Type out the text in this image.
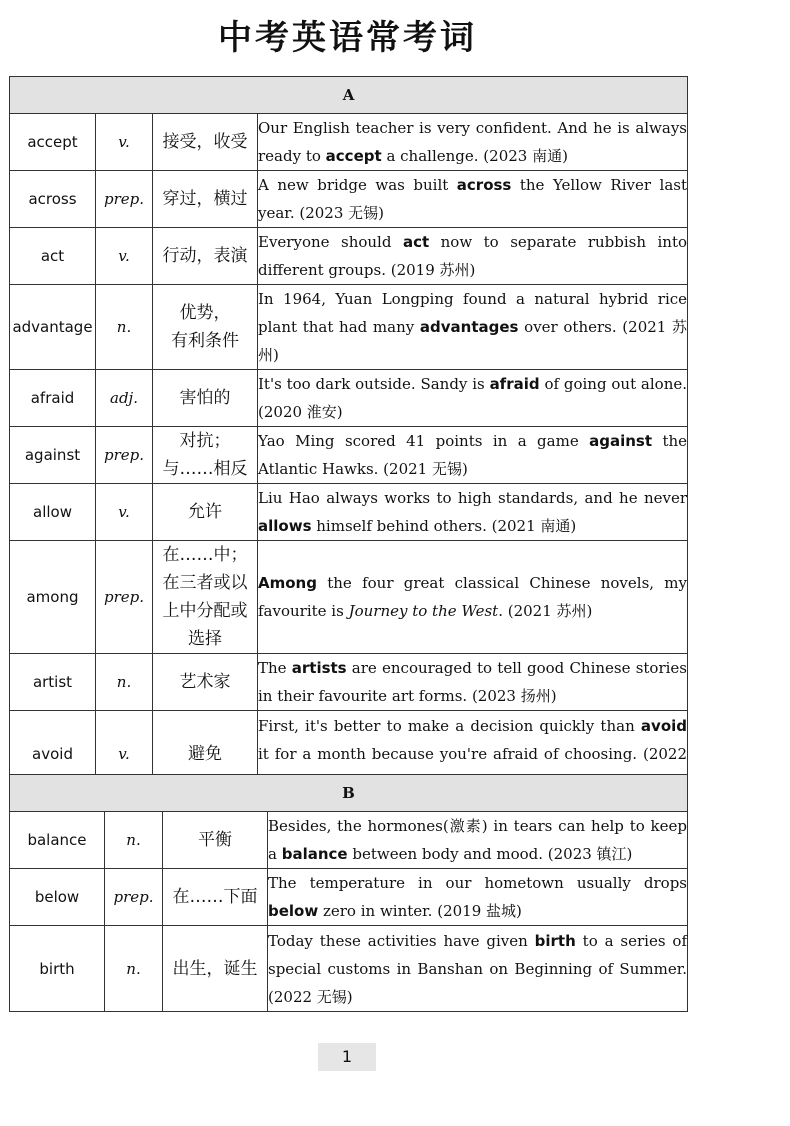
中考英语常考词
A			
accept	v.	接受，收受	Our English teacher is very confident. And he is always ready to accept a challenge. (2023 南通)
across	prep.	穿过，横过	A new bridge was built across the Yellow River last year. (2023 无锡)
act	v.	行动，表演	Everyone should act now to separate rubbish into different groups. (2019 苏州)
advantage	n.	优势，
有利条件	In 1964, Yuan Longping found a natural hybrid rice plant that had many advantages over others. (2021 苏州)
afraid	adj.	害怕的	It's too dark outside. Sandy is afraid of going out alone. (2020 淮安)
against	prep.	对抗；
与……相反	Yao Ming scored 41 points in a game against the Atlantic Hawks. (2021 无锡)
allow	v.	允许	Liu Hao always works to high standards, and he never allows himself behind others. (2021 南通)
among	prep.	在……中；
在三者或以
上中分配或
选择	Among the four great classical Chinese novels, my favourite is Journey to the West. (2021 苏州)
artist	n.	艺术家	The artists are encouraged to tell good Chinese stories in their favourite art forms. (2023 扬州)
avoid	v.	避免	First, it's better to make a decision quickly than avoid it for a month because you're afraid of choosing. (2022
B			
balance	n.	平衡	Besides, the hormones(激素) in tears can help to keep a balance between body and mood. (2023 镇江)
below	prep.	在……下面	The temperature in our hometown usually drops below zero in winter. (2019 盐城)
birth	n.	出生，诞生	Today these activities have given birth to a series of special customs in Banshan on Beginning of Summer. (2022 无锡)
1
